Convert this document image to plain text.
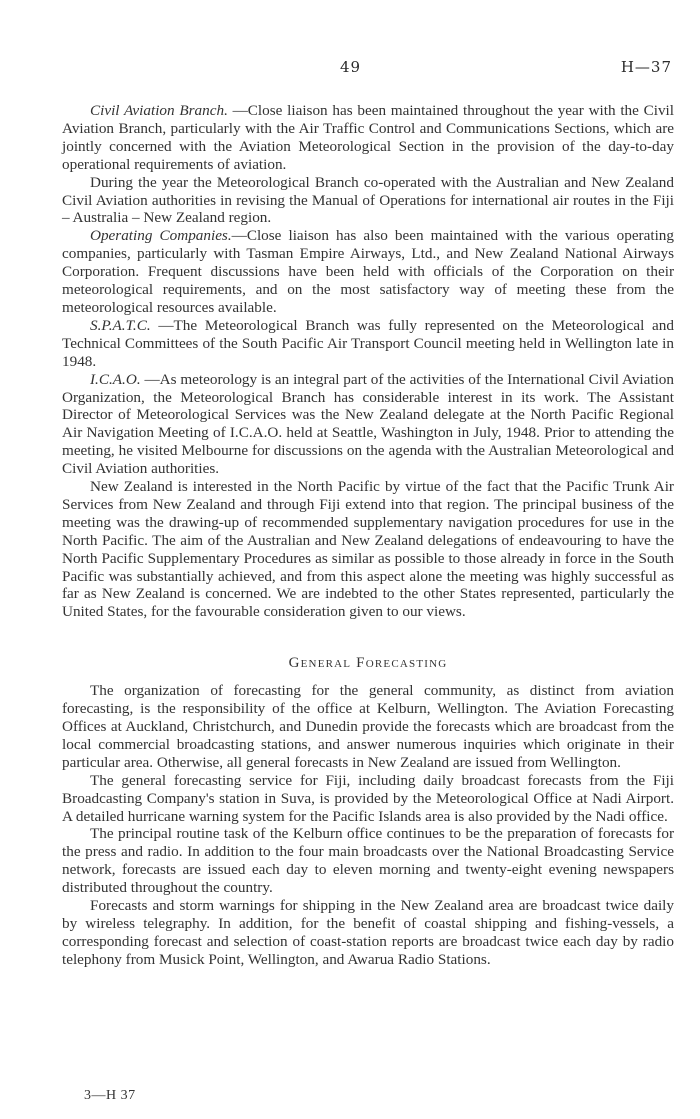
49	H—37

Civil Aviation Branch. —Close liaison has been maintained throughout the year with the Civil Aviation Branch, particularly with the Air Traffic Control and Communications Sections, which are jointly concerned with the Aviation Meteorological Section in the provision of the day-to-day operational requirements of aviation.

During the year the Meteorological Branch co-operated with the Australian and New Zealand Civil Aviation authorities in revising the Manual of Operations for international air routes in the Fiji – Australia – New Zealand region.

Operating Companies.—Close liaison has also been maintained with the various operating companies, particularly with Tasman Empire Airways, Ltd., and New Zealand National Airways Corporation. Frequent discussions have been held with officials of the Corporation on their meteorological requirements, and on the most satisfactory way of meeting these from the meteorological resources available.

S.P.A.T.C. —The Meteorological Branch was fully represented on the Meteorological and Technical Committees of the South Pacific Air Transport Council meeting held in Wellington late in 1948.

I.C.A.O. —As meteorology is an integral part of the activities of the International Civil Aviation Organization, the Meteorological Branch has considerable interest in its work. The Assistant Director of Meteorological Services was the New Zealand delegate at the North Pacific Regional Air Navigation Meeting of I.C.A.O. held at Seattle, Washington in July, 1948. Prior to attending the meeting, he visited Melbourne for discussions on the agenda with the Australian Meteorological and Civil Aviation authorities.

New Zealand is interested in the North Pacific by virtue of the fact that the Pacific Trunk Air Services from New Zealand and through Fiji extend into that region. The principal business of the meeting was the drawing-up of recommended supplementary navigation procedures for use in the North Pacific. The aim of the Australian and New Zealand delegations of endeavouring to have the North Pacific Supplementary Procedures as similar as possible to those already in force in the South Pacific was substantially achieved, and from this aspect alone the meeting was highly successful as far as New Zealand is concerned. We are indebted to the other States represented, particularly the United States, for the favourable consideration given to our views.

General Forecasting

The organization of forecasting for the general community, as distinct from aviation forecasting, is the responsibility of the office at Kelburn, Wellington. The Aviation Forecasting Offices at Auckland, Christchurch, and Dunedin provide the forecasts which are broadcast from the local commercial broadcasting stations, and answer numerous inquiries which originate in their particular area. Otherwise, all general forecasts in New Zealand are issued from Wellington.

The general forecasting service for Fiji, including daily broadcast forecasts from the Fiji Broadcasting Company's station in Suva, is provided by the Meteorological Office at Nadi Airport. A detailed hurricane warning system for the Pacific Islands area is also provided by the Nadi office.

The principal routine task of the Kelburn office continues to be the preparation of forecasts for the press and radio. In addition to the four main broadcasts over the National Broadcasting Service network, forecasts are issued each day to eleven morning and twenty-eight evening newspapers distributed throughout the country.

Forecasts and storm warnings for shipping in the New Zealand area are broadcast twice daily by wireless telegraphy. In addition, for the benefit of coastal shipping and fishing-vessels, a corresponding forecast and selection of coast-station reports are broadcast twice each day by radio telephony from Musick Point, Wellington, and Awarua Radio Stations.

3—H 37
